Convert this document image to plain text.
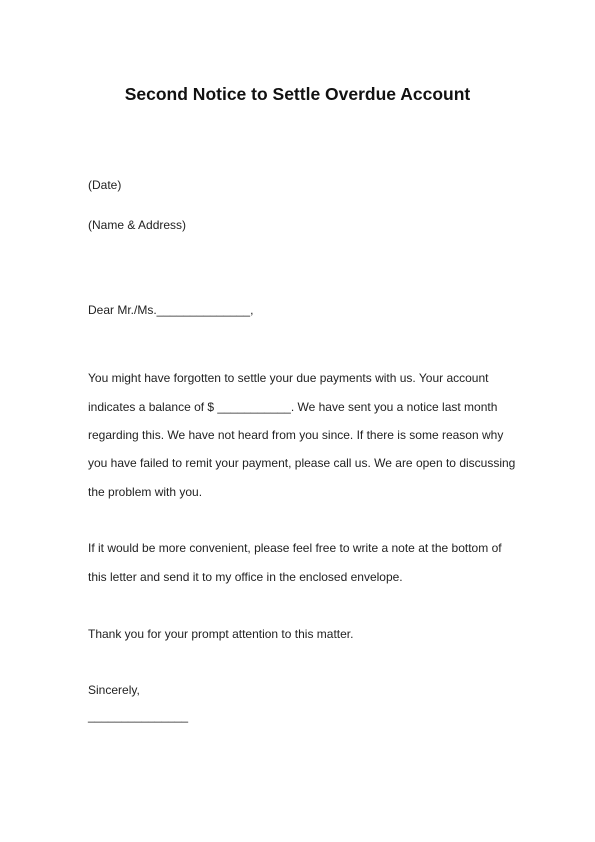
Second Notice to Settle Overdue Account
(Date)
(Name & Address)
Dear Mr./Ms.______________,
You might have forgotten to settle your due payments with us. Your account
indicates a balance of $ ___________. We have sent you a notice last month
regarding this. We have not heard from you since. If there is some reason why
you have failed to remit your payment, please call us. We are open to discussing
the problem with you.
If it would be more convenient, please feel free to write a note at the bottom of
this letter and send it to my office in the enclosed envelope.
Thank you for your prompt attention to this matter.
Sincerely,
_______________
